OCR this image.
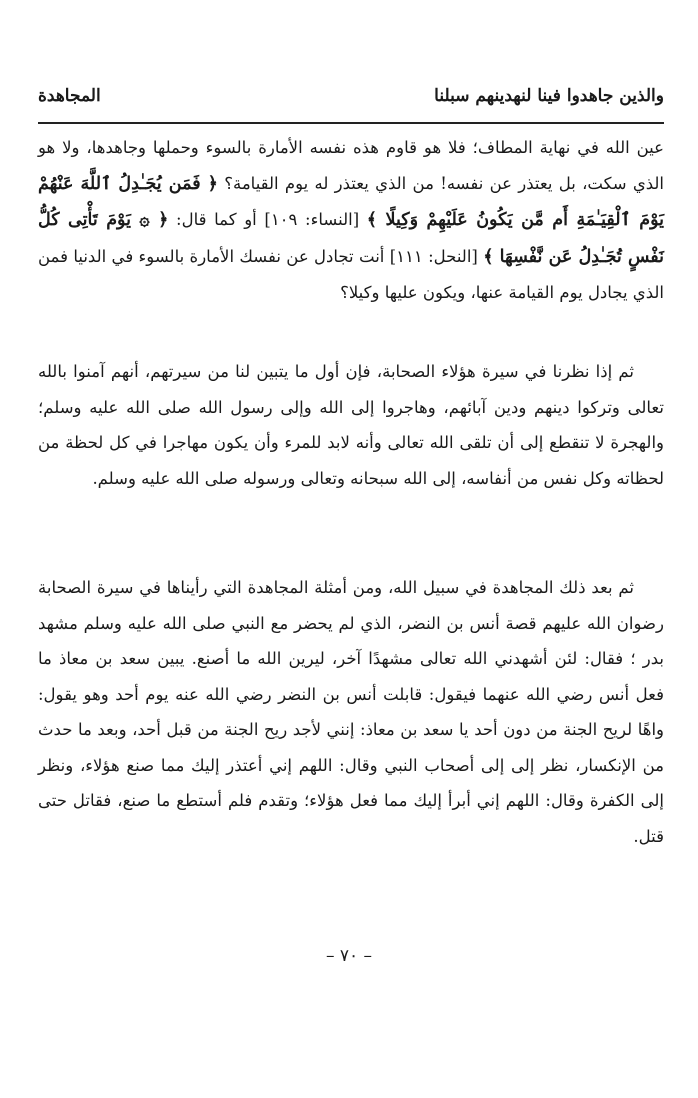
والذين جاهدوا فينا لنهدينهم سبلنا
المجاهدة

عين الله في نهاية المطاف؛ فلا هو قاوم هذه نفسه الأمارة بالسوء وحملها وجاهدها، ولا هو الذي سكت، بل يعتذر عن نفسه! من الذي يعتذر له يوم القيامة؟ ﴿ فَمَن يُجَـٰدِلُ ٱللَّهَ عَنْهُمْ يَوْمَ ٱلْقِيَـٰمَةِ أَم مَّن يَكُونُ عَلَيْهِمْ وَكِيلًا ﴾ [النساء: ١٠٩] أو كما قال: ﴿ ۞ يَوْمَ تَأْتِى كُلُّ نَفْسٍ تُجَـٰدِلُ عَن نَّفْسِهَا ﴾ [النحل: ١١١] أنت تجادل عن نفسك الأمارة بالسوء في الدنيا فمن الذي يجادل يوم القيامة عنها، ويكون عليها وكيلا؟

ثم إذا نظرنا في سيرة هؤلاء الصحابة، فإن أول ما يتبين لنا من سيرتهم، أنهم آمنوا بالله تعالى وتركوا دينهم ودين آبائهم، وهاجروا إلى الله وإلى رسول الله صلى الله عليه وسلم؛ والهجرة لا تنقطع إلى أن تلقى الله تعالى وأنه لابد للمرء وأن يكون مهاجرا في كل لحظة من لحظاته وكل نفس من أنفاسه، إلى الله سبحانه وتعالى ورسوله صلى الله عليه وسلم.

ثم بعد ذلك المجاهدة في سبيل الله، ومن أمثلة المجاهدة التي رأيناها في سيرة الصحابة رضوان الله عليهم قصة أنس بن النضر، الذي لم يحضر مع النبي صلى الله عليه وسلم مشهد بدر ؛ فقال: لئن أشهدني الله تعالى مشهدًا آخر، ليرين الله ما أصنع. يبين سعد بن معاذ ما فعل أنس رضي الله عنهما فيقول: قابلت أنس بن النضر رضي الله عنه يوم أحد وهو يقول: واهًا لريح الجنة من دون أحد يا سعد بن معاذ: إنني لأجد ريح الجنة من قبل أحد، وبعد ما حدث من الإنكسار، نظر إلى إلى أصحاب النبي وقال: اللهم إني أعتذر إليك مما صنع هؤلاء، ونظر إلى الكفرة وقال: اللهم إني أبرأ إليك مما فعل هؤلاء؛ وتقدم فلم أستطع ما صنع، فقاتل حتى قتل.

– ٧٠ –
